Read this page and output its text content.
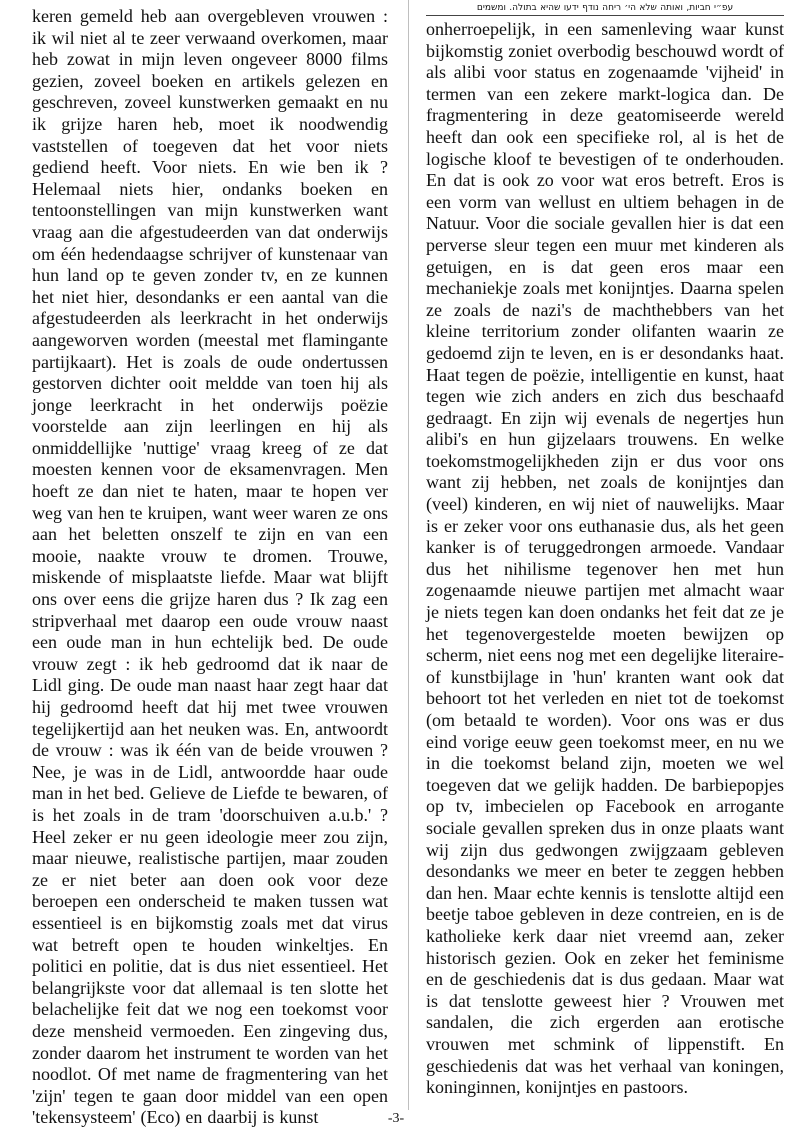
keren gemeld heb aan overgebleven vrouwen : ik wil niet al te zeer verwaand overkomen, maar heb zowat in mijn leven ongeveer 8000 films gezien, zoveel boeken en artikels gelezen en geschreven, zoveel kunstwerken gemaakt en nu ik grijze haren heb, moet ik noodwendig vaststellen of toegeven dat het voor niets gediend heeft. Voor niets. En wie ben ik ? Helemaal niets hier, ondanks boeken en tentoonstellingen van mijn kunstwerken want vraag aan die afgestudeerden van dat onderwijs om één hedendaagse schrijver of kunstenaar van hun land op te geven zonder tv, en ze kunnen het niet hier, desondanks er een aantal van die afgestudeerden als leerkracht in het onderwijs aangeworven worden (meestal met flamingante partijkaart). Het is zoals de oude ondertussen gestorven dichter ooit meldde van toen hij als jonge leerkracht in het onderwijs poëzie voorstelde aan zijn leerlingen en hij als onmiddellijke 'nuttige' vraag kreeg of ze dat moesten kennen voor de eksamenvragen. Men hoeft ze dan niet te haten, maar te hopen ver weg van hen te kruipen, want weer waren ze ons aan het beletten onszelf te zijn en van een mooie, naakte vrouw te dromen. Trouwe, miskende of misplaatste liefde. Maar wat blijft ons over eens die grijze haren dus ? Ik zag een stripverhaal met daarop een oude vrouw naast een oude man in hun echtelijk bed. De oude vrouw zegt : ik heb gedroomd dat ik naar de Lidl ging. De oude man naast haar zegt haar dat hij gedroomd heeft dat hij met twee vrouwen tegelijkertijd aan het neuken was. En, antwoordt de vrouw : was ik één van de beide vrouwen ? Nee, je was in de Lidl, antwoordde haar oude man in het bed. Gelieve de Liefde te bewaren, of is het zoals in de tram 'doorschuiven a.u.b.' ? Heel zeker er nu geen ideologie meer zou zijn, maar nieuwe, realistische partijen, maar zouden ze er niet beter aan doen ook voor deze beroepen een onderscheid te maken tussen wat essentieel is en bijkomstig zoals met dat virus wat betreft open te houden winkeltjes. En politici en politie, dat is dus niet essentieel. Het belangrijkste voor dat allemaal is ten slotte het belachelijke feit dat we nog een toekomst voor deze mensheid vermoeden. Een zingeving dus, zonder daarom het instrument te worden van het noodlot. Of met name de fragmentering van het 'zijn' tegen te gaan door middel van een open 'tekensysteem' (Eco) en daarbij is kunst
עפ״י חביות, ואותה שלא הי׳ ריחה נודף ידעו שהיא בתולה. ומשמים
onherroepelijk, in een samenleving waar kunst bijkomstig zoniet overbodig beschouwd wordt of als alibi voor status en zogenaamde 'vijheid' in termen van een zekere markt-logica dan. De fragmentering in deze geatomiseerde wereld heeft dan ook een specifieke rol, al is het de logische kloof te bevestigen of te onderhouden. En dat is ook zo voor wat eros betreft. Eros is een vorm van wellust en ultiem behagen in de Natuur. Voor die sociale gevallen hier is dat een perverse sleur tegen een muur met kinderen als getuigen, en is dat geen eros maar een mechaniekje zoals met konijntjes. Daarna spelen ze zoals de nazi's de machthebbers van het kleine territorium zonder olifanten waarin ze gedoemd zijn te leven, en is er desondanks haat. Haat tegen de poëzie, intelligentie en kunst, haat tegen wie zich anders en zich dus beschaafd gedraagt. En zijn wij evenals de negertjes hun alibi's en hun gijzelaars trouwens. En welke toekomstmogelijkheden zijn er dus voor ons want zij hebben, net zoals de konijntjes dan (veel) kinderen, en wij niet of nauwelijks. Maar is er zeker voor ons euthanasie dus, als het geen kanker is of teruggedrongen armoede. Vandaar dus het nihilisme tegenover hen met hun zogenaamde nieuwe partijen met almacht waar je niets tegen kan doen ondanks het feit dat ze je het tegenovergestelde moeten bewijzen op scherm, niet eens nog met een degelijke literaire- of kunstbijlage in 'hun' kranten want ook dat behoort tot het verleden en niet tot de toekomst (om betaald te worden). Voor ons was er dus eind vorige eeuw geen toekomst meer, en nu we in die toekomst beland zijn, moeten we wel toegeven dat we gelijk hadden. De barbiepopjes op tv, imbecielen op Facebook en arrogante sociale gevallen spreken dus in onze plaats want wij zijn dus gedwongen zwijgzaam gebleven desondanks we meer en beter te zeggen hebben dan hen. Maar echte kennis is tenslotte altijd een beetje taboe gebleven in deze contreien, en is de katholieke kerk daar niet vreemd aan, zeker historisch gezien. Ook en zeker het feminisme en de geschiedenis dat is dus gedaan. Maar wat is dat tenslotte geweest hier ? Vrouwen met sandalen, die zich ergerden aan erotische vrouwen met schmink of lippenstift. En geschiedenis dat was het verhaal van koningen, koninginnen, konijntjes en pastoors.
-3-
